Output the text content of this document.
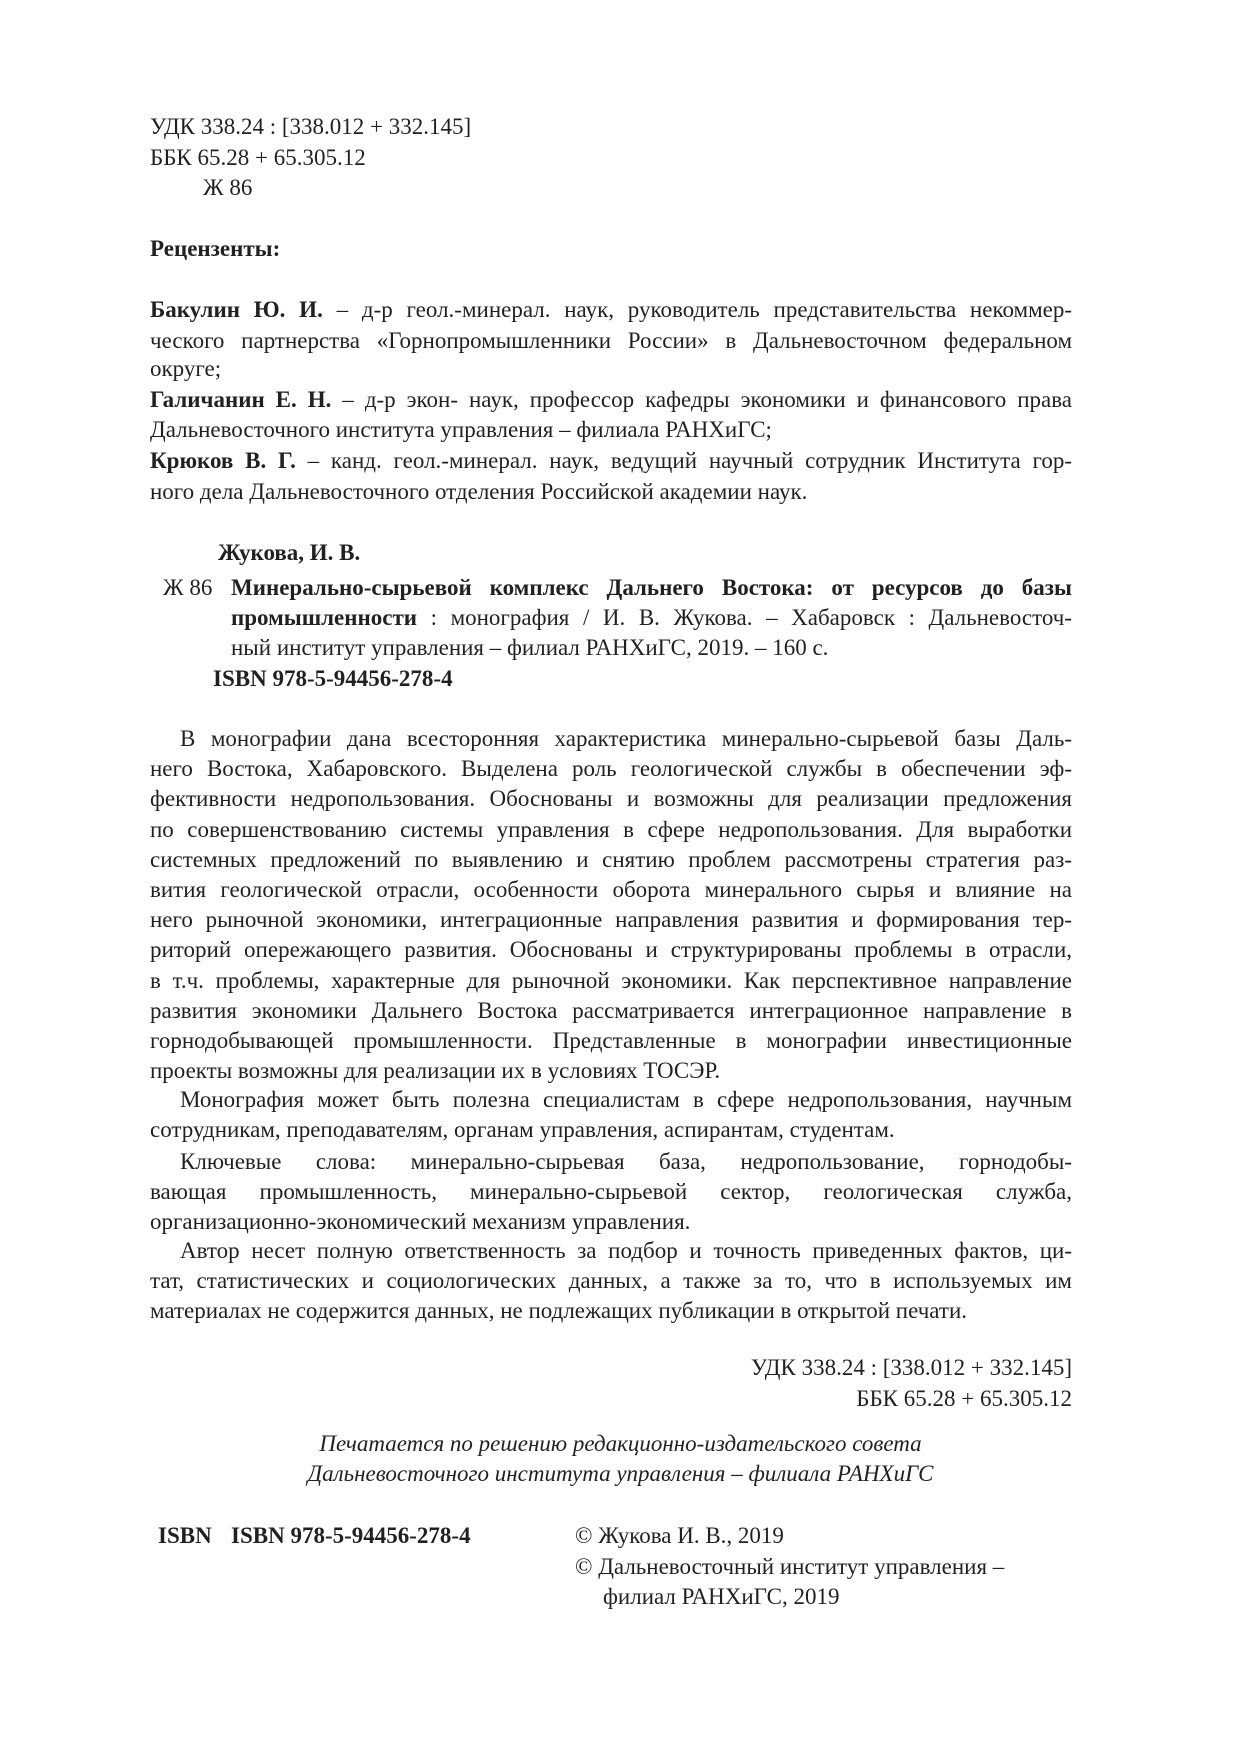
УДК 338.24 : [338.012 + 332.145]
ББК 65.28 + 65.305.12
Ж 86
Рецензенты:
Бакулин Ю. И. – д-р геол.-минерал. наук, руководитель представительства некоммер-
ческого партнерства «Горнопромышленники России» в Дальневосточном федеральном
округе;
Галичанин Е. Н. – д-р экон- наук, профессор кафедры экономики и финансового права
Дальневосточного института управления – филиала РАНХиГС;
Крюков В. Г. – канд. геол.-минерал. наук, ведущий научный сотрудник Института гор-
ного дела Дальневосточного отделения Российской академии наук.
Жукова, И. В.
Ж 86 Минерально-сырьевой комплекс Дальнего Востока: от ресурсов до базы
промышленности : монография / И. В. Жукова. – Хабаровск : Дальневосточ-
ный институт управления – филиал РАНХиГС, 2019. – 160 с.
ISBN 978-5-94456-278-4
В монографии дана всесторонняя характеристика минерально-сырьевой базы Даль-
него Востока, Хабаровского. Выделена роль геологической службы в обеспечении эф-
фективности недропользования. Обоснованы и возможны для реализации предложения
по совершенствованию системы управления в сфере недропользования. Для выработки
системных предложений по выявлению и снятию проблем рассмотрены стратегия раз-
вития геологической отрасли, особенности оборота минерального сырья и влияние на
него рыночной экономики, интеграционные направления развития и формирования тер-
риторий опережающего развития. Обоснованы и структурированы проблемы в отрасли,
в т.ч. проблемы, характерные для рыночной экономики. Как перспективное направление
развития экономики Дальнего Востока рассматривается интеграционное направление в
горнодобывающей промышленности. Представленные в монографии инвестиционные
проекты возможны для реализации их в условиях ТОСЭР.
Монография может быть полезна специалистам в сфере недропользования, научным
сотрудникам, преподавателям, органам управления, аспирантам, студентам.
Ключевые слова: минерально-сырьевая база, недропользование, горнодобы-
вающая промышленность, минерально-сырьевой сектор, геологическая служба,
организационно-экономический механизм управления.
Автор несет полную ответственность за подбор и точность приведенных фактов, ци-
тат, статистических и социологических данных, а также за то, что в используемых им
материалах не содержится данных, не подлежащих публикации в открытой печати.
УДК 338.24 : [338.012 + 332.145]
ББК 65.28 + 65.305.12
Печатается по решению редакционно-издательского совета
Дальневосточного института управления – филиала РАНХиГС
ISBN ISBN 978-5-94456-278-4	© Жукова И. В., 2019
© Дальневосточный институт управления –
филиал РАНХиГС, 2019
